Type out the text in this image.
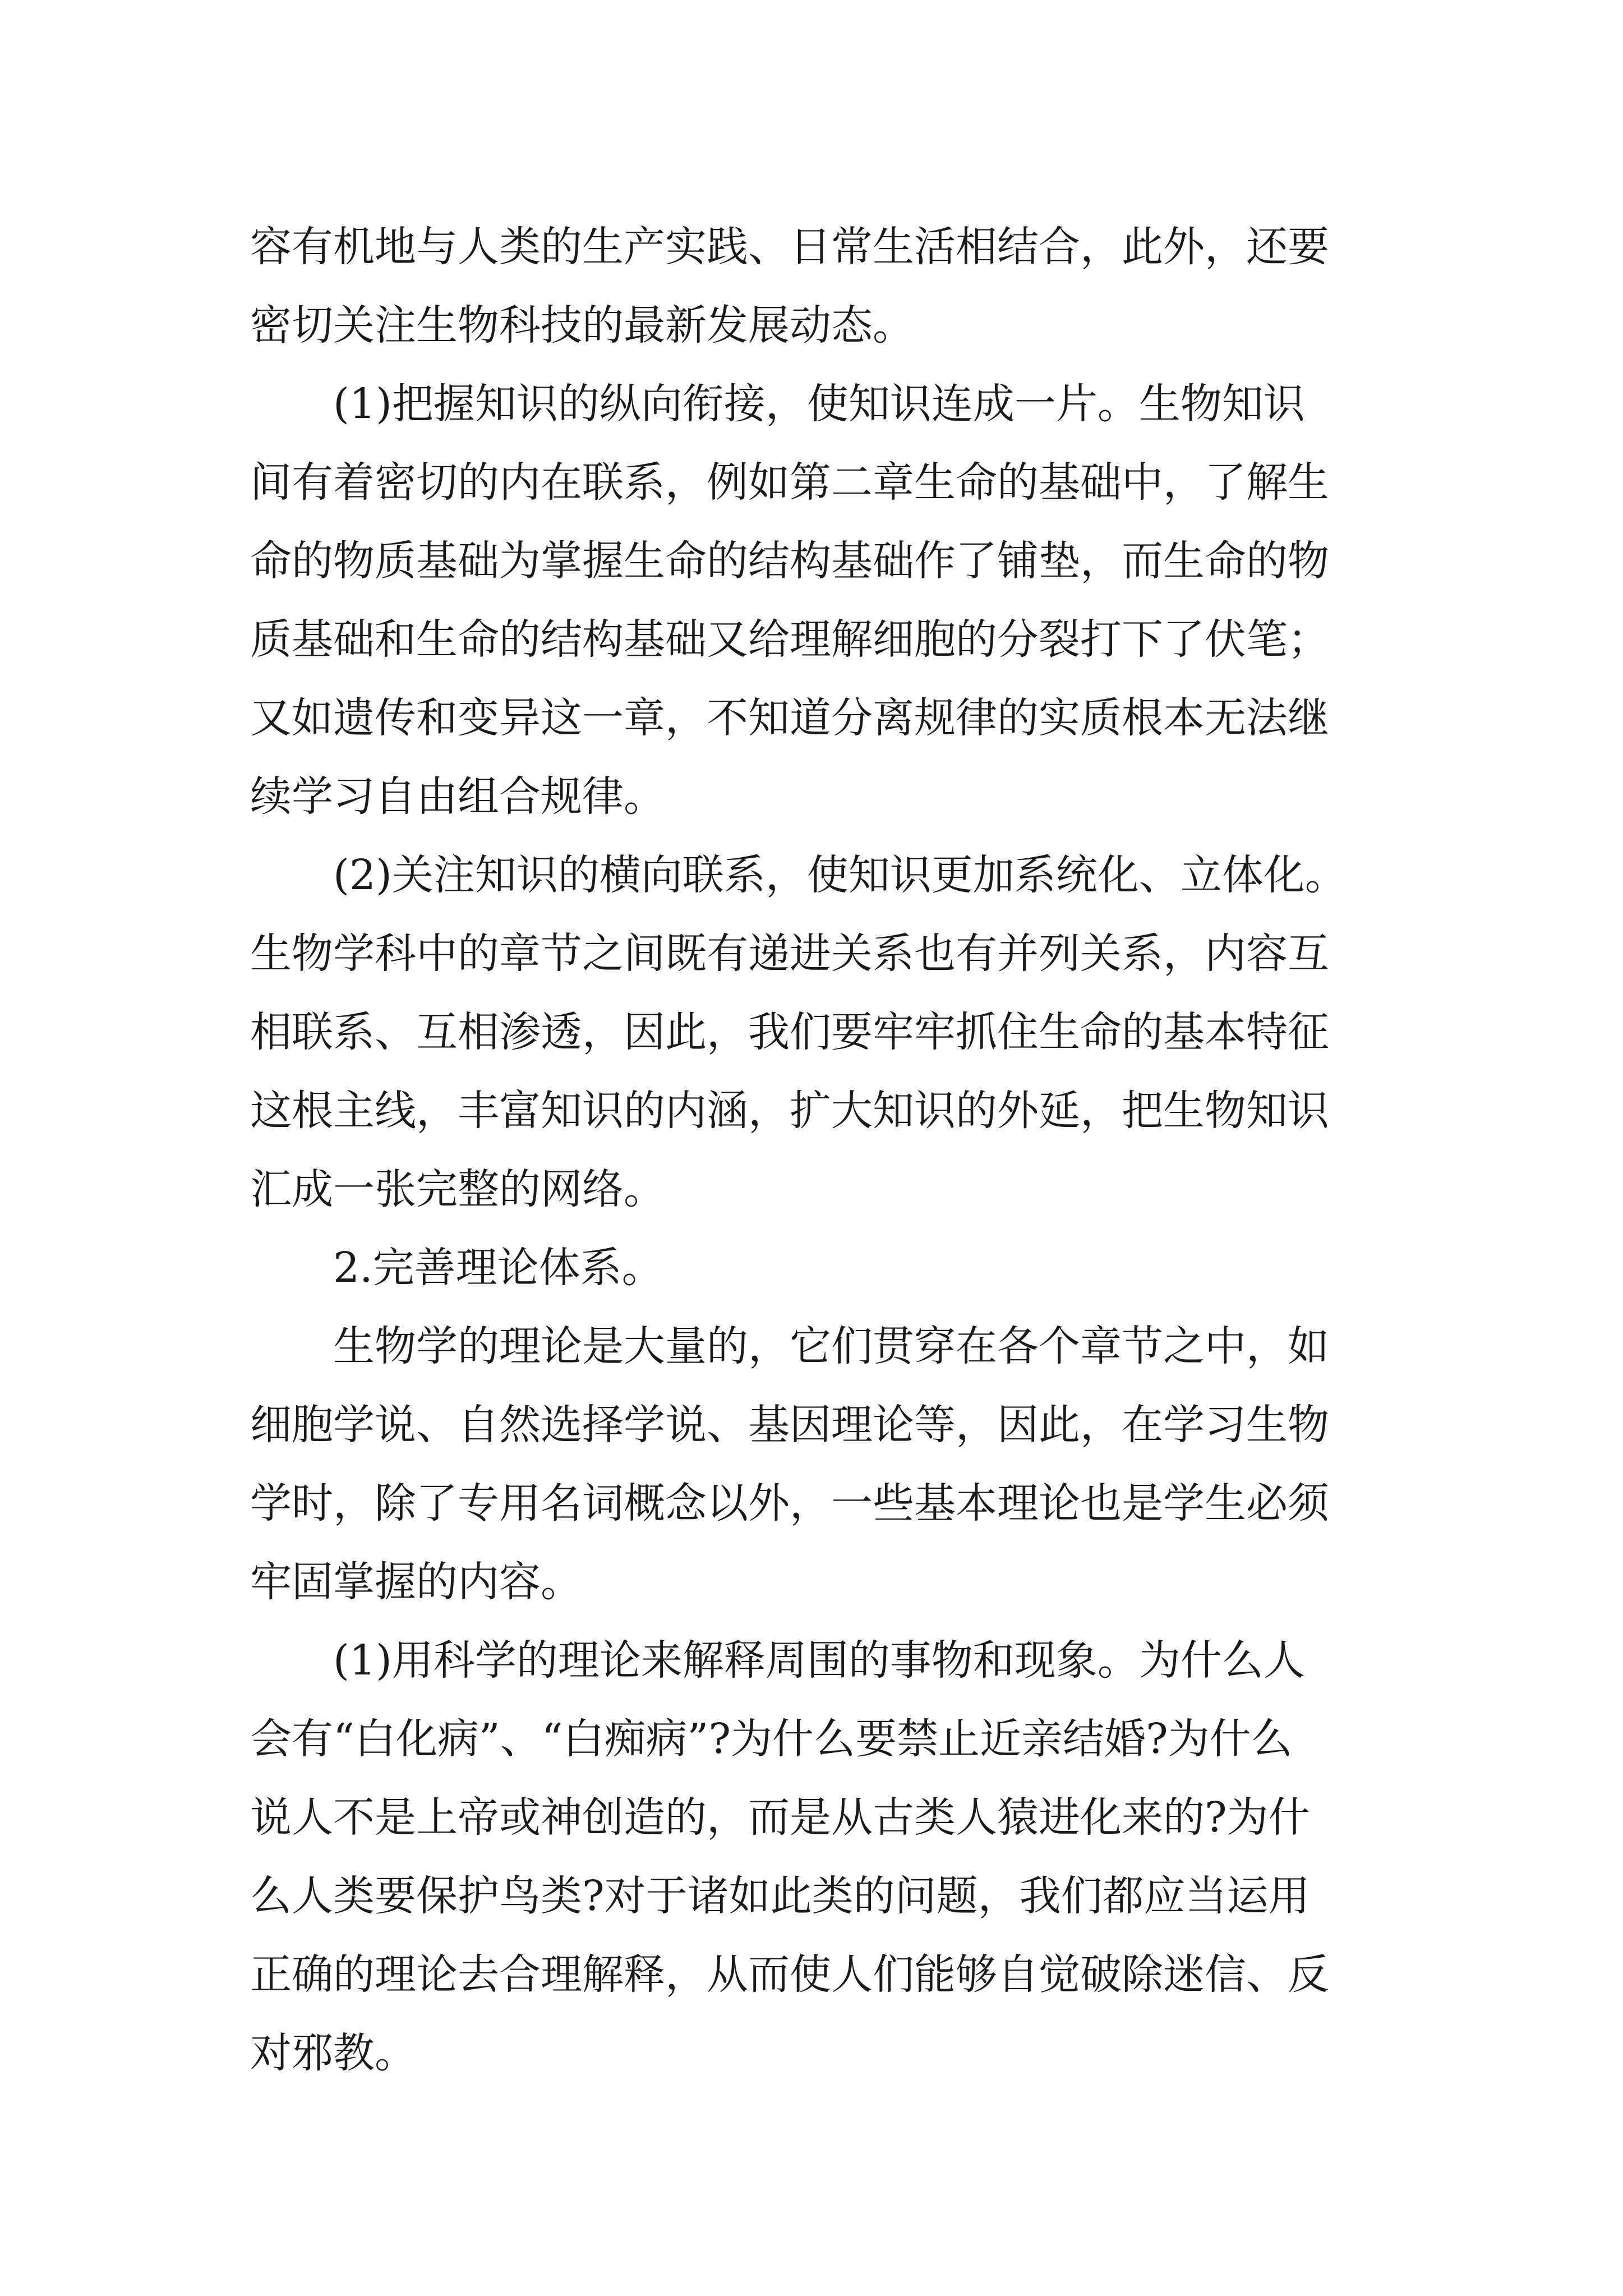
容有机地与人类的生产实践、日常生活相结合，此外，还要
密切关注生物科技的最新发展动态。
　　(1)把握知识的纵向衔接，使知识连成一片。生物知识
间有着密切的内在联系，例如第二章生命的基础中，了解生
命的物质基础为掌握生命的结构基础作了铺垫，而生命的物
质基础和生命的结构基础又给理解细胞的分裂打下了伏笔；
又如遗传和变异这一章，不知道分离规律的实质根本无法继
续学习自由组合规律。
　　(2)关注知识的横向联系，使知识更加系统化、立体化。
生物学科中的章节之间既有递进关系也有并列关系，内容互
相联系、互相渗透，因此，我们要牢牢抓住生命的基本特征
这根主线，丰富知识的内涵，扩大知识的外延，把生物知识
汇成一张完整的网络。
　　2.完善理论体系。
　　生物学的理论是大量的，它们贯穿在各个章节之中，如
细胞学说、自然选择学说、基因理论等，因此，在学习生物
学时，除了专用名词概念以外，一些基本理论也是学生必须
牢固掌握的内容。
　　(1)用科学的理论来解释周围的事物和现象。为什么人
会有“白化病”、“白痴病”?为什么要禁止近亲结婚?为什么
说人不是上帝或神创造的，而是从古类人猿进化来的?为什
么人类要保护鸟类?对于诸如此类的问题，我们都应当运用
正确的理论去合理解释，从而使人们能够自觉破除迷信、反
对邪教。
